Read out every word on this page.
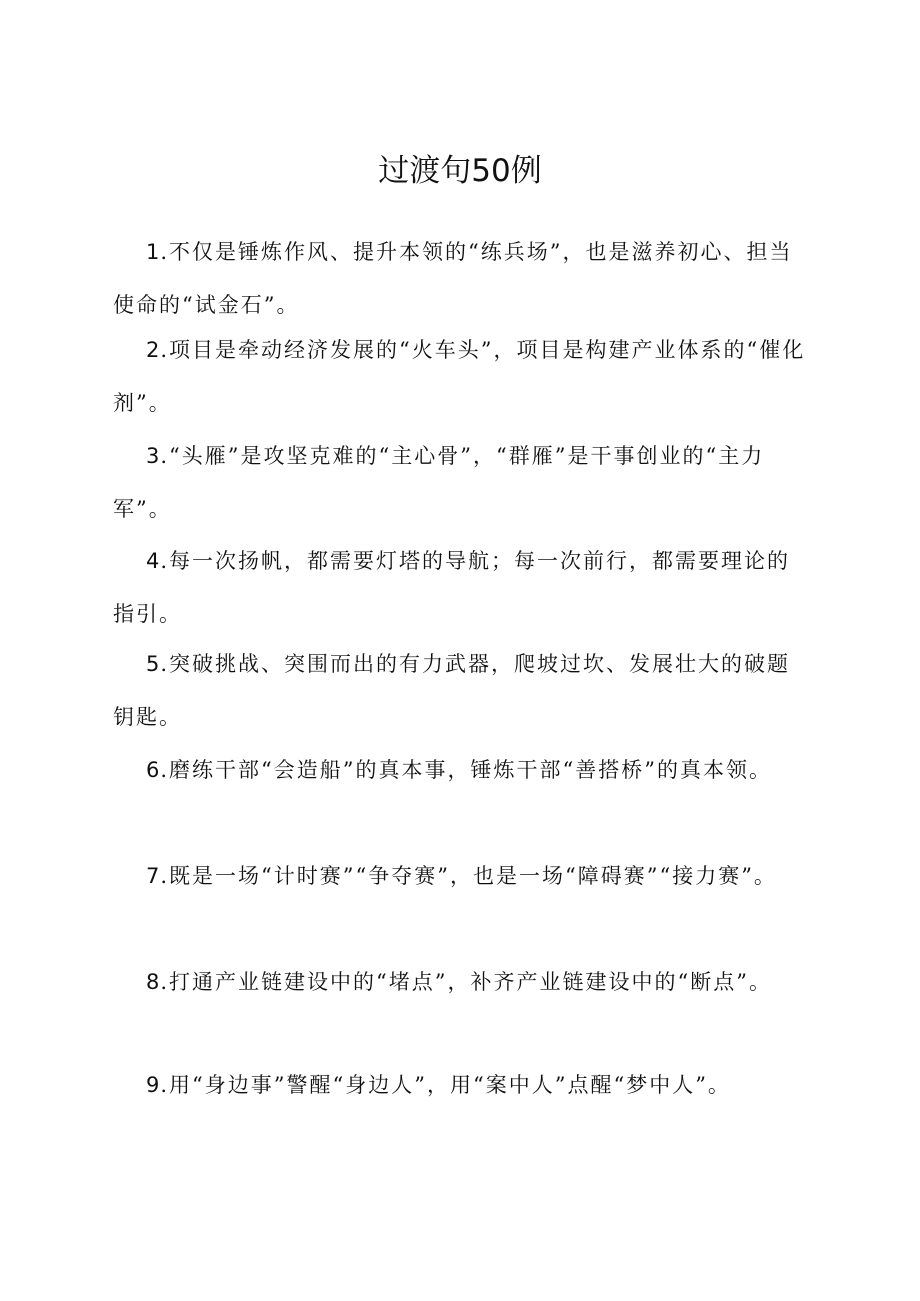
过渡句50例

1.不仅是锤炼作风、提升本领的“练兵场”，也是滋养初心、担当使命的“试金石”。

2.项目是牵动经济发展的“火车头”，项目是构建产业体系的“催化剂”。

3.“头雁”是攻坚克难的“主心骨”，“群雁”是干事创业的“主力军”。

4.每一次扬帆，都需要灯塔的导航；每一次前行，都需要理论的指引。

5.突破挑战、突围而出的有力武器，爬坡过坎、发展壮大的破题钥匙。

6.磨练干部“会造船”的真本事，锤炼干部“善搭桥”的真本领。

7.既是一场“计时赛”“争夺赛”，也是一场“障碍赛”“接力赛”。

8.打通产业链建设中的“堵点”，补齐产业链建设中的“断点”。

9.用“身边事”警醒“身边人”，用“案中人”点醒“梦中人”。
